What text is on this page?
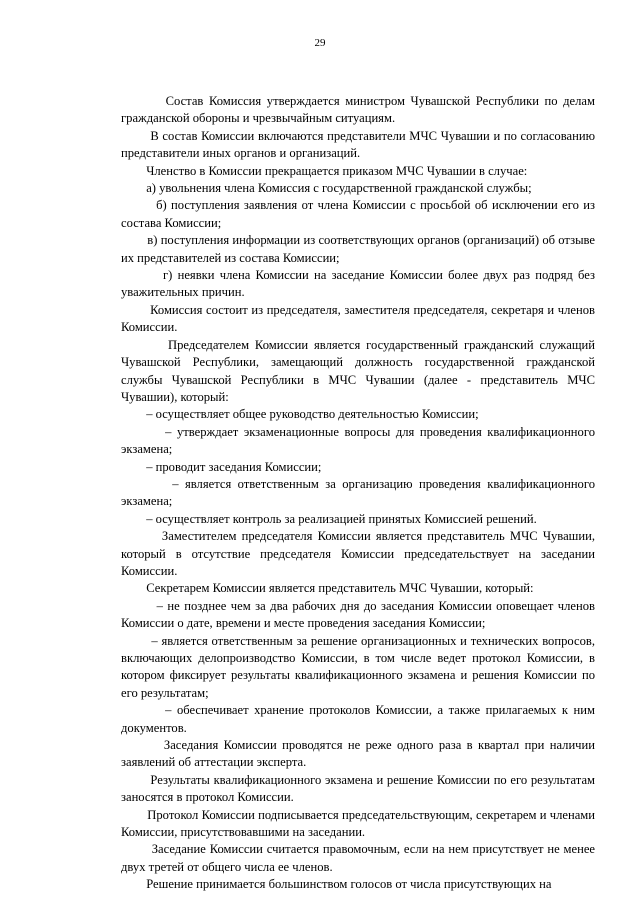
29

Состав Комиссия утверждается министром Чувашской Республики по делам гражданской обороны и чрезвычайным ситуациям.

В состав Комиссии включаются представители МЧС Чувашии и по согласованию представители иных органов и организаций.

Членство в Комиссии прекращается приказом МЧС Чувашии в случае:

а) увольнения члена Комиссия с государственной гражданской службы;

б) поступления заявления от члена Комиссии с просьбой об исключении его из состава Комиссии;

в) поступления информации из соответствующих органов (организаций) об отзыве их представителей из состава Комиссии;

г) неявки члена Комиссии на заседание Комиссии более двух раз подряд без уважительных причин.

Комиссия состоит из председателя, заместителя председателя, секретаря и членов Комиссии.

Председателем Комиссии является государственный гражданский служащий Чувашской Республики, замещающий должность государственной гражданской службы Чувашской Республики в МЧС Чувашии (далее - представитель МЧС Чувашии), который:

– осуществляет общее руководство деятельностью Комиссии;

– утверждает экзаменационные вопросы для проведения квалификационного экзамена;

– проводит заседания Комиссии;

– является ответственным за организацию проведения квалификационного экзамена;

– осуществляет контроль за реализацией принятых Комиссией решений.

Заместителем председателя Комиссии является представитель МЧС Чувашии, который в отсутствие председателя Комиссии председательствует на заседании Комиссии.

Секретарем Комиссии является представитель МЧС Чувашии, который:

– не позднее чем за два рабочих дня до заседания Комиссии оповещает членов Комиссии о дате, времени и месте проведения заседания Комиссии;

– является ответственным за решение организационных и технических вопросов, включающих делопроизводство Комиссии, в том числе ведет протокол Комиссии, в котором фиксирует результаты квалификационного экзамена и решения Комиссии по его результатам;

– обеспечивает хранение протоколов Комиссии, а также прилагаемых к ним документов.

Заседания Комиссии проводятся не реже одного раза в квартал при наличии заявлений об аттестации эксперта.

Результаты квалификационного экзамена и решение Комиссии по его результатам заносятся в протокол Комиссии.

Протокол Комиссии подписывается председательствующим, секретарем и членами Комиссии, присутствовавшими на заседании.

Заседание Комиссии считается правомочным, если на нем присутствует не менее двух третей от общего числа ее членов.

Решение принимается большинством голосов от числа присутствующих на
